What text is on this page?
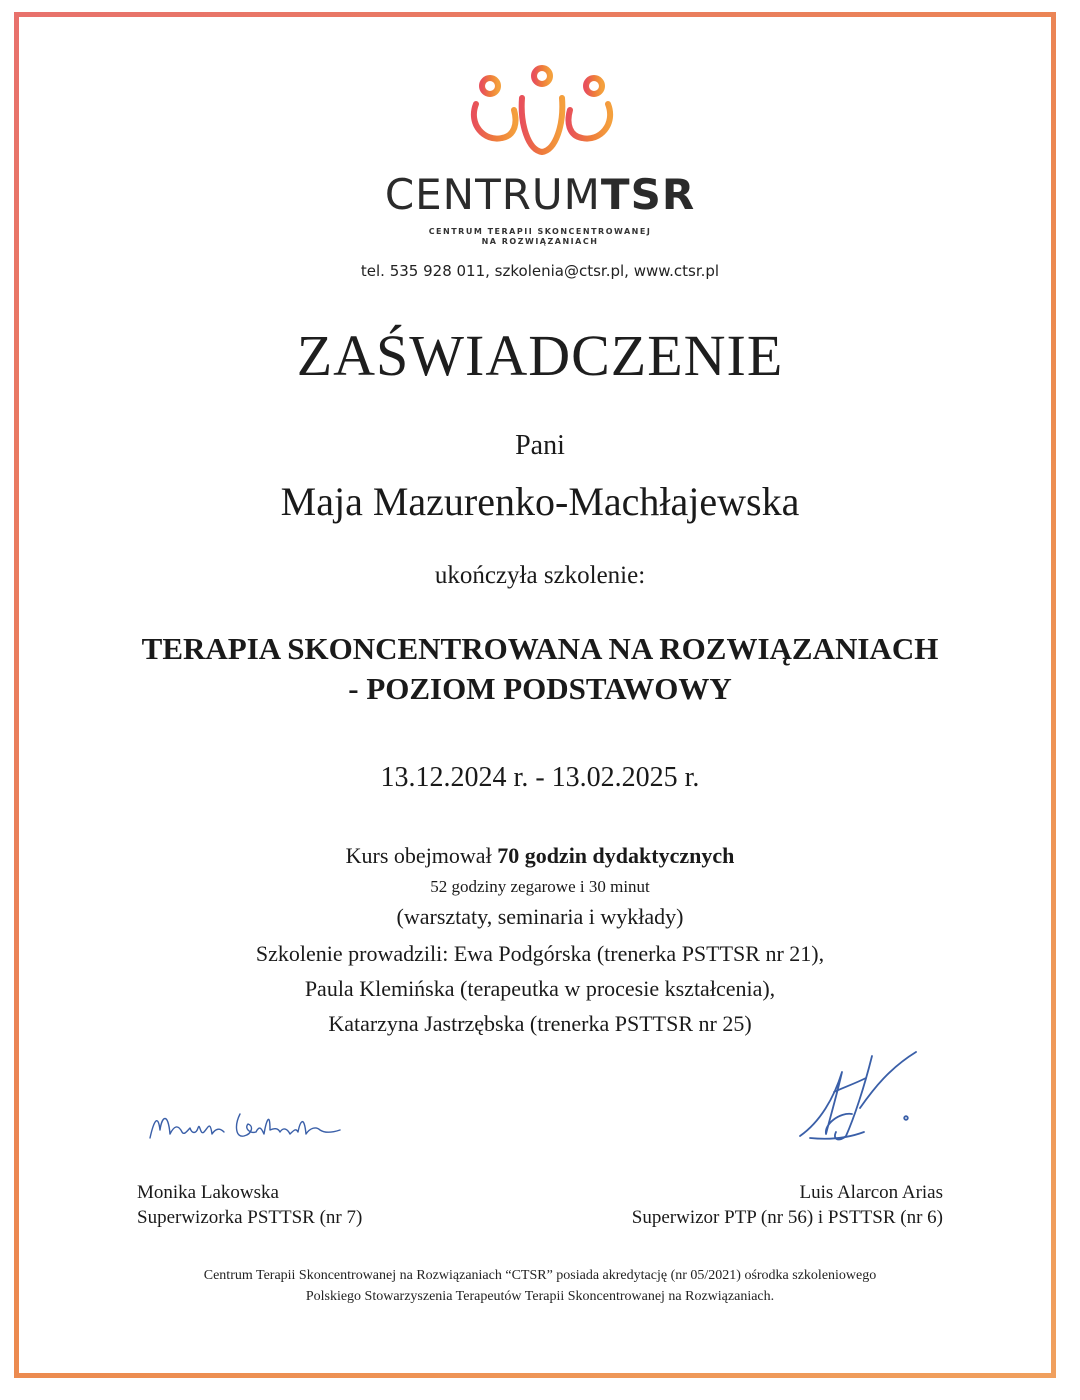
CENTRUMTSR
CENTRUM TERAPII SKONCENTROWANEJ
NA ROZWIĄZANIACH
tel. 535 928 011, szkolenia@ctsr.pl, www.ctsr.pl
ZAŚWIADCZENIE
Pani
Maja Mazurenko-Machłajewska
ukończyła szkolenie:
TERAPIA SKONCENTROWANA NA ROZWIĄZANIACH
- POZIOM PODSTAWOWY
13.12.2024 r. - 13.02.2025 r.
Kurs obejmował 70 godzin dydaktycznych
52 godziny zegarowe i 30 minut
(warsztaty, seminaria i wykłady)
Szkolenie prowadzili: Ewa Podgórska (trenerka PSTTSR nr 21),
Paula Klemińska (terapeutka w procesie kształcenia),
Katarzyna Jastrzębska (trenerka PSTTSR nr 25)
Monika Lakowska
Superwizorka PSTTSR (nr 7)
Luis Alarcon Arias
Superwizor PTP (nr 56) i PSTTSR (nr 6)
Centrum Terapii Skoncentrowanej na Rozwiązaniach “CTSR” posiada akredytację (nr 05/2021) ośrodka szkoleniowego
Polskiego Stowarzyszenia Terapeutów Terapii Skoncentrowanej na Rozwiązaniach.
